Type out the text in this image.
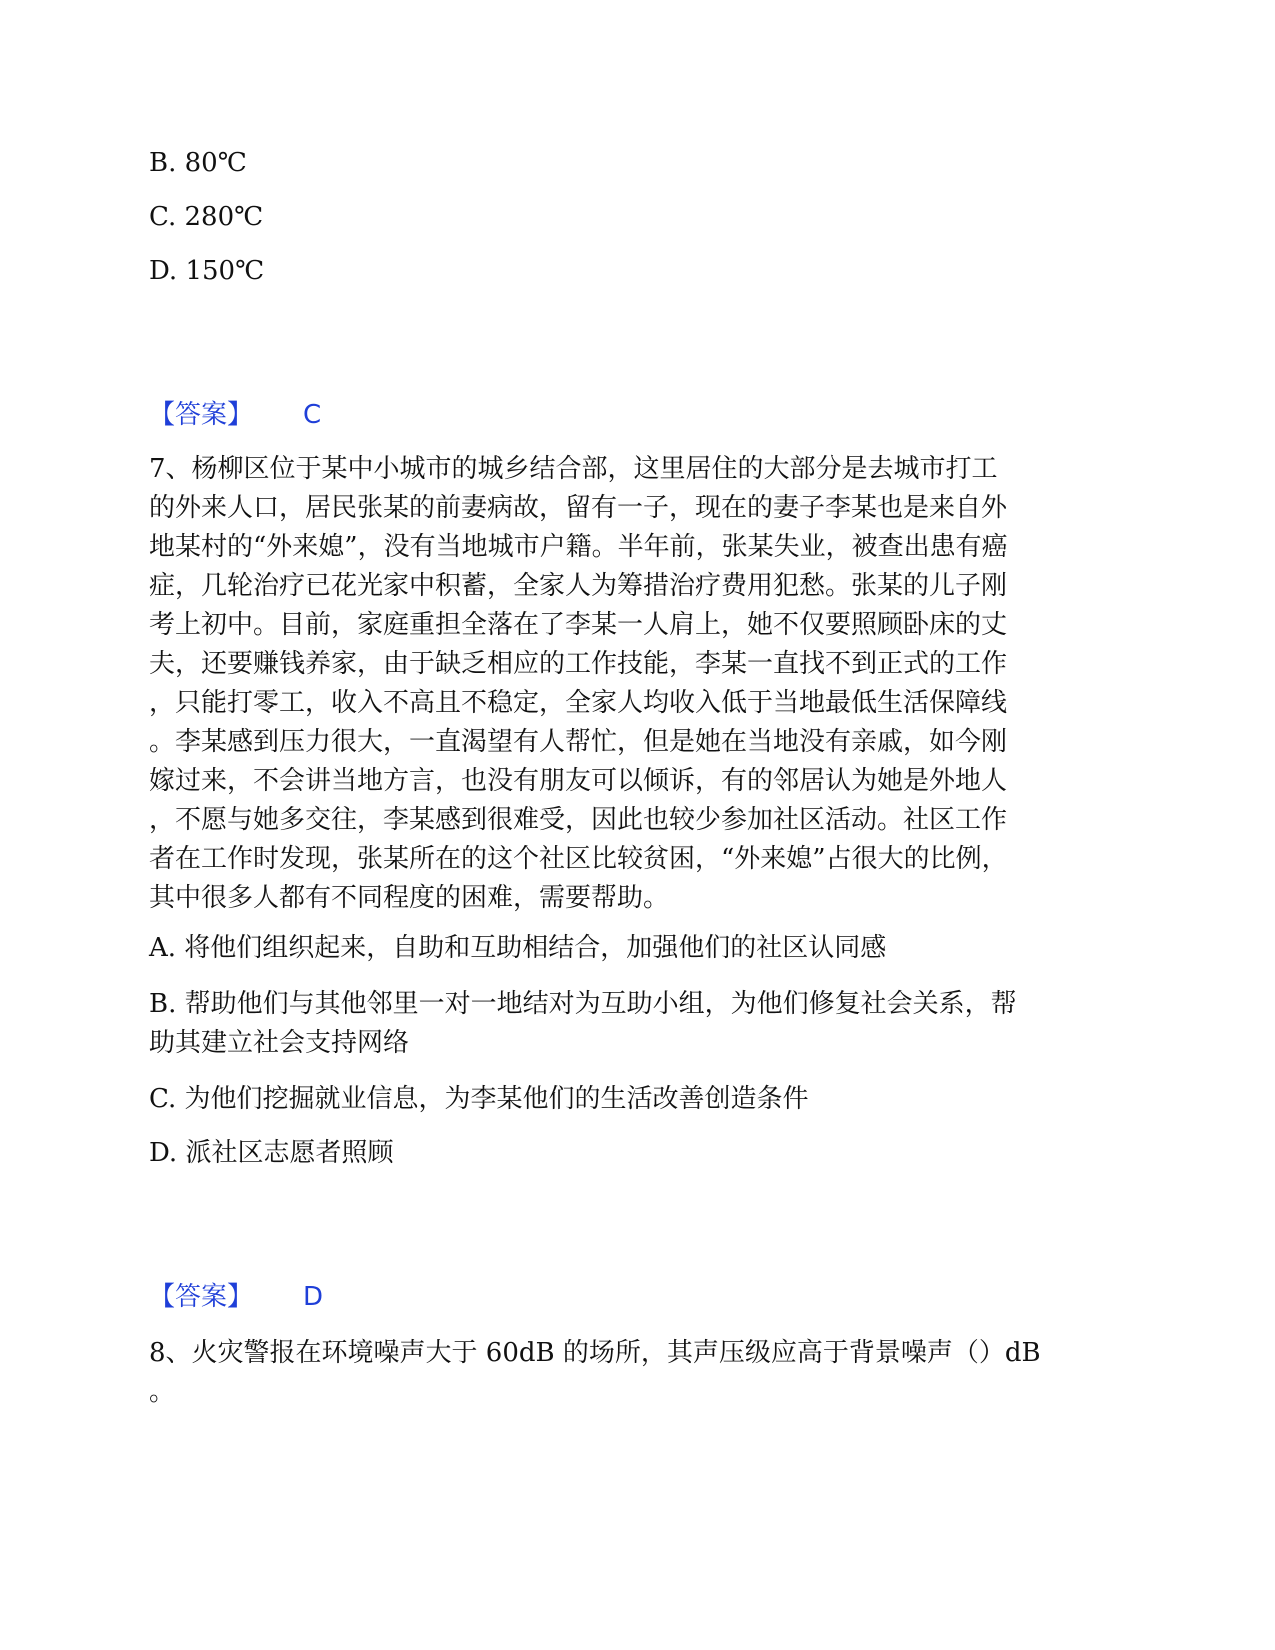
B. 80℃
C. 280℃
D. 150℃
【答案】 C
7、杨柳区位于某中小城市的城乡结合部，这里居住的大部分是去城市打工
的外来人口，居民张某的前妻病故，留有一子，现在的妻子李某也是来自外
地某村的“外来媳”，没有当地城市户籍。半年前，张某失业，被查出患有癌
症，几轮治疗已花光家中积蓄，全家人为筹措治疗费用犯愁。张某的儿子刚
考上初中。目前，家庭重担全落在了李某一人肩上，她不仅要照顾卧床的丈
夫，还要赚钱养家，由于缺乏相应的工作技能，李某一直找不到正式的工作
，只能打零工，收入不高且不稳定，全家人均收入低于当地最低生活保障线
。李某感到压力很大，一直渴望有人帮忙，但是她在当地没有亲戚，如今刚
嫁过来，不会讲当地方言，也没有朋友可以倾诉，有的邻居认为她是外地人
，不愿与她多交往，李某感到很难受，因此也较少参加社区活动。社区工作
者在工作时发现，张某所在的这个社区比较贫困，“外来媳”占很大的比例，
其中很多人都有不同程度的困难，需要帮助。
A. 将他们组织起来，自助和互助相结合，加强他们的社区认同感
B. 帮助他们与其他邻里一对一地结对为互助小组，为他们修复社会关系，帮
助其建立社会支持网络
C. 为他们挖掘就业信息，为李某他们的生活改善创造条件
D. 派社区志愿者照顾
【答案】 D
8、火灾警报在环境噪声大于 60dB 的场所，其声压级应高于背景噪声（）dB
。
